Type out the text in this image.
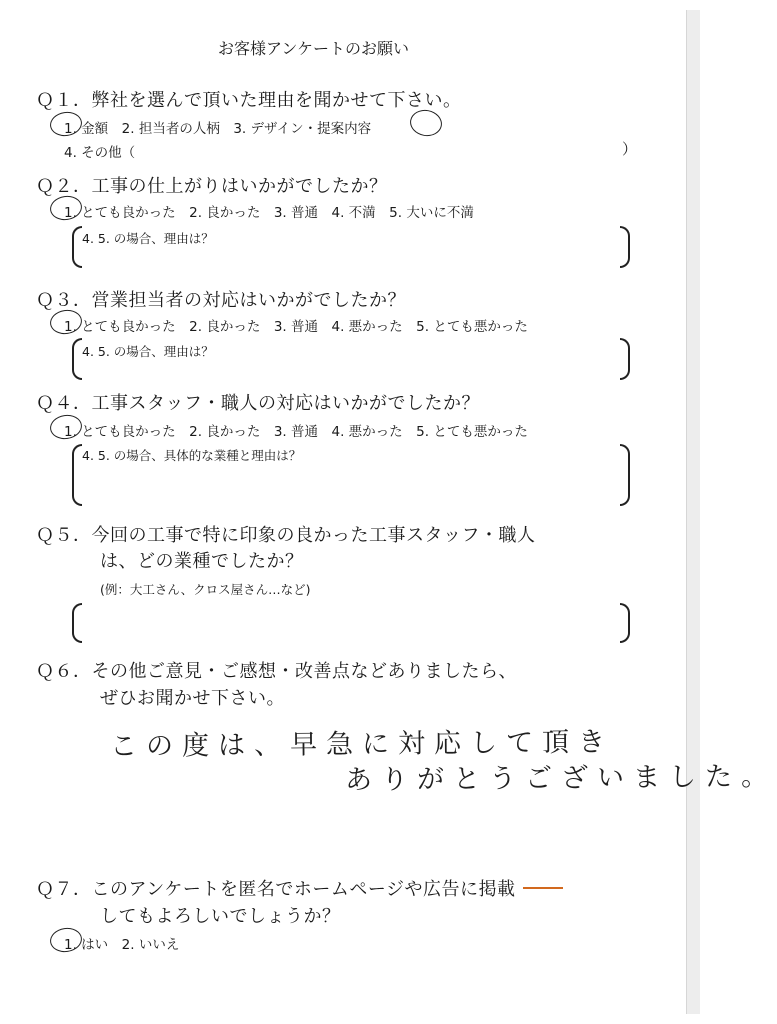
お客様アンケートのお願い
Ｑ１．弊社を選んで頂いた理由を聞かせて下さい。
1. 金額　2. 担当者の人柄　3. デザイン・提案内容
4. その他（	）
Ｑ２．工事の仕上がりはいかがでしたか？
1. とても良かった　2. 良かった　3. 普通　4. 不満　5. 大いに不満
4. 5. の場合、理由は？
Ｑ３．営業担当者の対応はいかがでしたか？
1. とても良かった　2. 良かった　3. 普通　4. 悪かった　5. とても悪かった
4. 5. の場合、理由は？
Ｑ４．工事スタッフ・職人の対応はいかがでしたか？
1. とても良かった　2. 良かった　3. 普通　4. 悪かった　5. とても悪かった
4. 5. の場合、具体的な業種と理由は？
Ｑ５．今回の工事で特に印象の良かった工事スタッフ・職人
は、どの業種でしたか？
(例：大工さん、クロス屋さん…など)
Ｑ６．その他ご意見・ご感想・改善点などありましたら、
ぜひお聞かせ下さい。
この度は、早急に対応して頂き
ありがとうございました。
Ｑ７．このアンケートを匿名でホームページや広告に掲載
してもよろしいでしょうか？
1. はい　2. いいえ
